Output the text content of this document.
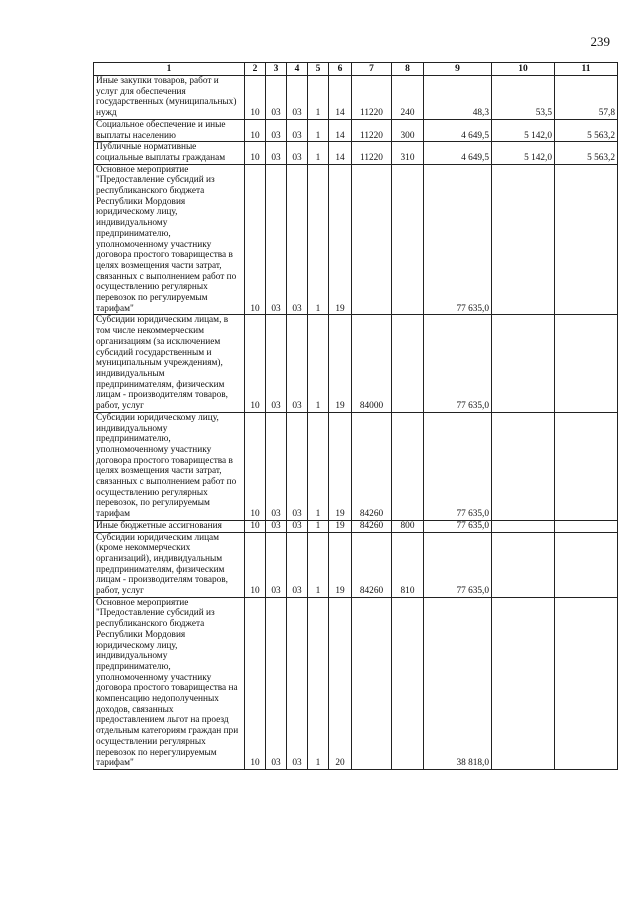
239
1	2	3	4	5	6	7	8	9	10	11
Иные закупки товаров, работ и услуг для обеспечения государственных (муниципальных) нужд	10	03	03	1	14	11220	240	48,3	53,5	57,8
Социальное обеспечение и иные выплаты населению	10	03	03	1	14	11220	300	4 649,5	5 142,0	5 563,2
Публичные нормативные социальные выплаты гражданам	10	03	03	1	14	11220	310	4 649,5	5 142,0	5 563,2
Основное мероприятие "Предоставление субсидий из республиканского бюджета Республики Мордовия юридическому лицу, индивидуальному предпринимателю, уполномоченному участнику договора простого товарищества в целях возмещения части затрат, связанных с выполнением работ по осуществлению регулярных перевозок по регулируемым тарифам"	10	03	03	1	19			77 635,0		
Субсидии юридическим лицам, в том числе некоммерческим организациям (за исключением субсидий государственным и муниципальным учреждениям), индивидуальным предпринимателям, физическим лицам - производителям товаров, работ, услуг	10	03	03	1	19	84000		77 635,0		
Субсидии юридическому лицу, индивидуальному предпринимателю, уполномоченному участнику договора простого товарищества в целях возмещения части затрат, связанных с выполнением работ по осуществлению регулярных перевозок, по регулируемым тарифам	10	03	03	1	19	84260		77 635,0		
Иные бюджетные ассигнования	10	03	03	1	19	84260	800	77 635,0		
Субсидии юридическим лицам (кроме некоммерческих организаций), индивидуальным предпринимателям, физическим лицам - производителям товаров, работ, услуг	10	03	03	1	19	84260	810	77 635,0		
Основное мероприятие "Предоставление субсидий из республиканского бюджета Республики Мордовия юридическому лицу, индивидуальному предпринимателю, уполномоченному участнику договора простого товарищества на компенсацию недополученных доходов, связанных предоставлением льгот на проезд отдельным категориям граждан при осуществлении регулярных перевозок по нерегулируемым тарифам"	10	03	03	1	20			38 818,0		
